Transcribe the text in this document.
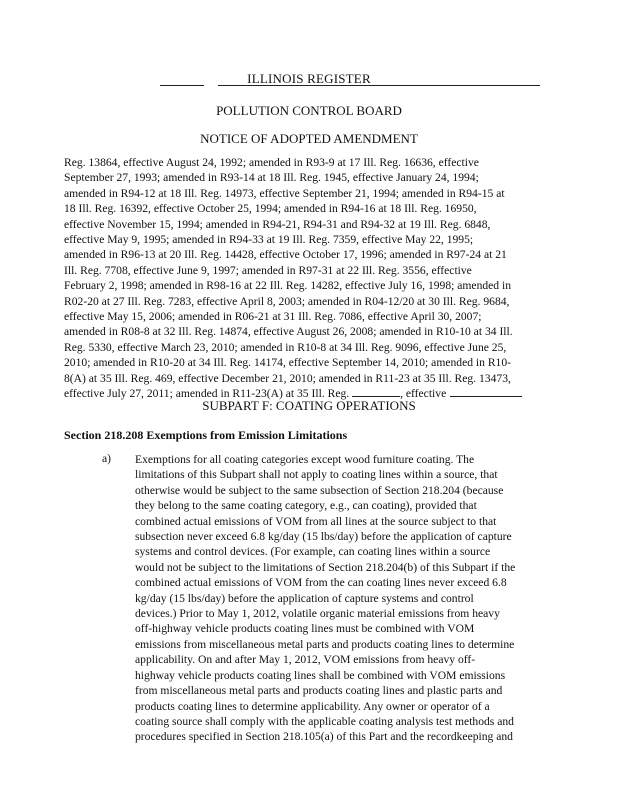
ILLINOIS REGISTER
POLLUTION CONTROL BOARD
NOTICE OF ADOPTED AMENDMENT
Reg. 13864, effective August 24, 1992; amended in R93-9 at 17 Ill. Reg. 16636, effective
September 27, 1993; amended in R93-14 at 18 Ill. Reg. 1945, effective January 24, 1994;
amended in R94-12 at 18 Ill. Reg. 14973, effective September 21, 1994; amended in R94-15 at
18 Ill. Reg. 16392, effective October 25, 1994; amended in R94-16 at 18 Ill. Reg. 16950,
effective November 15, 1994; amended in R94-21, R94-31 and R94-32 at 19 Ill. Reg. 6848,
effective May 9, 1995; amended in R94-33 at 19 Ill. Reg. 7359, effective May 22, 1995;
amended in R96-13 at 20 Ill. Reg. 14428, effective October 17, 1996; amended in R97-24 at 21
Ill. Reg. 7708, effective June 9, 1997; amended in R97-31 at 22 Ill. Reg. 3556, effective
February 2, 1998; amended in R98-16 at 22 Ill. Reg. 14282, effective July 16, 1998; amended in
R02-20 at 27 Ill. Reg. 7283, effective April 8, 2003; amended in R04-12/20 at 30 Ill. Reg. 9684,
effective May 15, 2006; amended in R06-21 at 31 Ill. Reg. 7086, effective April 30, 2007;
amended in R08-8 at 32 Ill. Reg. 14874, effective August 26, 2008; amended in R10-10 at 34 Ill.
Reg. 5330, effective March 23, 2010; amended in R10-8 at 34 Ill. Reg. 9096, effective June 25,
2010; amended in R10-20 at 34 Ill. Reg. 14174, effective September 14, 2010; amended in R10-
8(A) at 35 Ill. Reg. 469, effective December 21, 2010; amended in R11-23 at 35 Ill. Reg. 13473,
effective July 27, 2011; amended in R11-23(A) at 35 Ill. Reg.	, effective
SUBPART F: COATING OPERATIONS
Section 218.208 Exemptions from Emission Limitations
a) Exemptions for all coating categories except wood furniture coating. The
limitations of this Subpart shall not apply to coating lines within a source, that
otherwise would be subject to the same subsection of Section 218.204 (because
they belong to the same coating category, e.g., can coating), provided that
combined actual emissions of VOM from all lines at the source subject to that
subsection never exceed 6.8 kg/day (15 lbs/day) before the application of capture
systems and control devices. (For example, can coating lines within a source
would not be subject to the limitations of Section 218.204(b) of this Subpart if the
combined actual emissions of VOM from the can coating lines never exceed 6.8
kg/day (15 lbs/day) before the application of capture systems and control
devices.) Prior to May 1, 2012, volatile organic material emissions from heavy
off-highway vehicle products coating lines must be combined with VOM
emissions from miscellaneous metal parts and products coating lines to determine
applicability. On and after May 1, 2012, VOM emissions from heavy off-
highway vehicle products coating lines shall be combined with VOM emissions
from miscellaneous metal parts and products coating lines and plastic parts and
products coating lines to determine applicability. Any owner or operator of a
coating source shall comply with the applicable coating analysis test methods and
procedures specified in Section 218.105(a) of this Part and the recordkeeping and
